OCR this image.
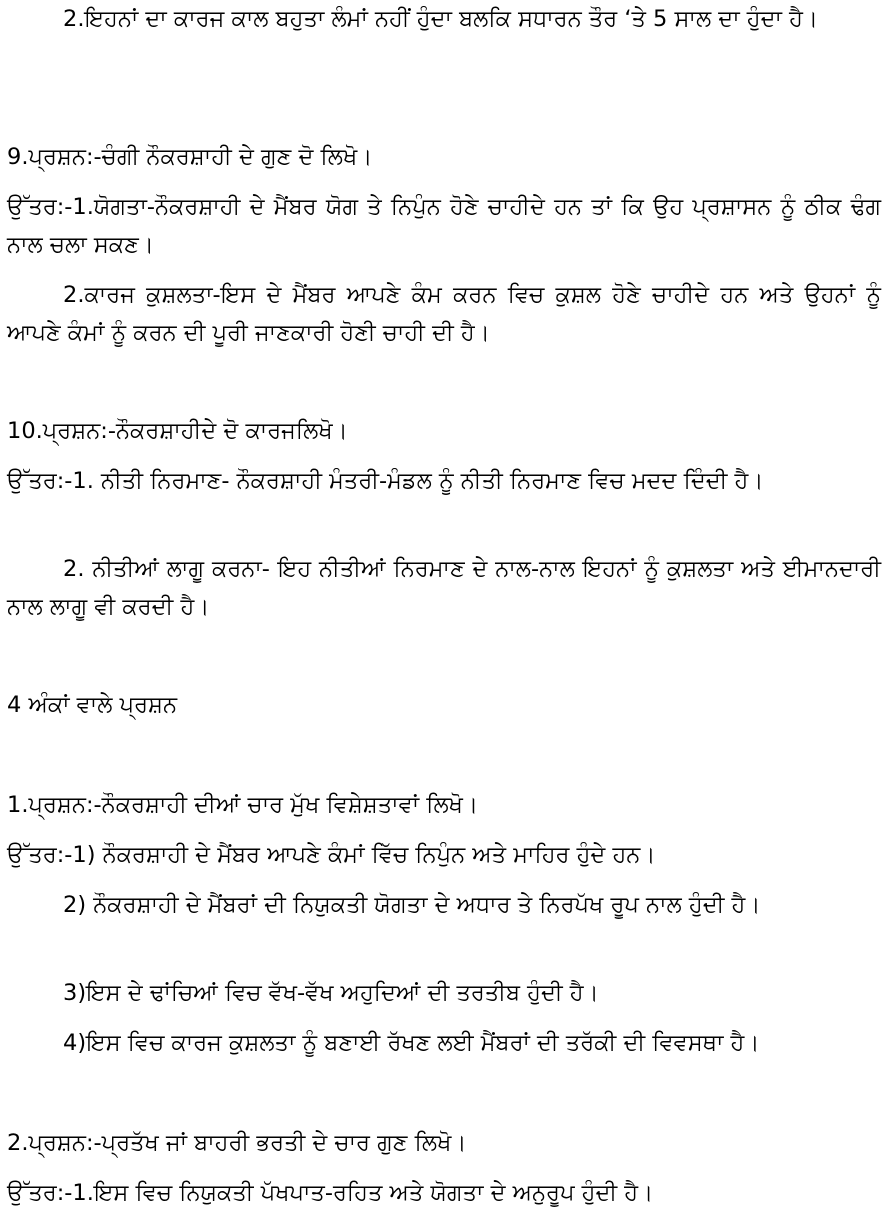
2.ਇਹਨਾਂ ਦਾ ਕਾਰਜ ਕਾਲ ਬਹੁਤਾ ਲੰਮਾਂ ਨਹੀਂ ਹੁੰਦਾ ਬਲਕਿ ਸਧਾਰਨ ਤੌਰ ‘ਤੇ 5 ਸਾਲ ਦਾ ਹੁੰਦਾ ਹੈ।

9.ਪ੍ਰਸ਼ਨ:-ਚੰਗੀ ਨੌਕਰਸ਼ਾਹੀ ਦੇ ਗੁਣ ਦੋ ਲਿਖੋ।

ਉੱਤਰ:-1.ਯੋਗਤਾ-ਨੌਕਰਸ਼ਾਹੀ ਦੇ ਮੈਂਬਰ ਯੋਗ ਤੇ ਨਿਪੁੰਨ ਹੋਣੇ ਚਾਹੀਦੇ ਹਨ ਤਾਂ ਕਿ ਉਹ ਪ੍ਰਸ਼ਾਸਨ ਨੂੰ ਠੀਕ ਢੰਗ ਨਾਲ ਚਲਾ ਸਕਣ।

2.ਕਾਰਜ ਕੁਸ਼ਲਤਾ-ਇਸ ਦੇ ਮੈਂਬਰ ਆਪਣੇ ਕੰਮ ਕਰਨ ਵਿਚ ਕੁਸ਼ਲ ਹੋਣੇ ਚਾਹੀਦੇ ਹਨ ਅਤੇ ਉਹਨਾਂ ਨੂੰ ਆਪਣੇ ਕੰਮਾਂ ਨੂੰ ਕਰਨ ਦੀ ਪੂਰੀ ਜਾਣਕਾਰੀ ਹੋਣੀ ਚਾਹੀ ਦੀ ਹੈ।

10.ਪ੍ਰਸ਼ਨ:-ਨੌਕਰਸ਼ਾਹੀਦੇ ਦੋ ਕਾਰਜਲਿਖੋ।

ਉੱਤਰ:-1. ਨੀਤੀ ਨਿਰਮਾਣ- ਨੌਕਰਸ਼ਾਹੀ ਮੰਤਰੀ-ਮੰਡਲ ਨੂੰ ਨੀਤੀ ਨਿਰਮਾਣ ਵਿਚ ਮਦਦ ਦਿੰਦੀ ਹੈ।

2. ਨੀਤੀਆਂ ਲਾਗੂ ਕਰਨਾ- ਇਹ ਨੀਤੀਆਂ ਨਿਰਮਾਣ ਦੇ ਨਾਲ-ਨਾਲ ਇਹਨਾਂ ਨੂੰ ਕੁਸ਼ਲਤਾ ਅਤੇ ਈਮਾਨਦਾਰੀ ਨਾਲ ਲਾਗੂ ਵੀ ਕਰਦੀ ਹੈ।

4 ਅੰਕਾਂ ਵਾਲੇ ਪ੍ਰਸ਼ਨ

1.ਪ੍ਰਸ਼ਨ:-ਨੌਕਰਸ਼ਾਹੀ ਦੀਆਂ ਚਾਰ ਮੁੱਖ ਵਿਸ਼ੇਸ਼ਤਾਵਾਂ ਲਿਖੋ।

ਉੱਤਰ:-1) ਨੌਕਰਸ਼ਾਹੀ ਦੇ ਮੈਂਬਰ ਆਪਣੇ ਕੰਮਾਂ ਵਿੱਚ ਨਿਪੁੰਨ ਅਤੇ ਮਾਹਿਰ ਹੁੰਦੇ ਹਨ।

2) ਨੌਕਰਸ਼ਾਹੀ ਦੇ ਮੈਂਬਰਾਂ ਦੀ ਨਿਯੁਕਤੀ ਯੋਗਤਾ ਦੇ ਅਧਾਰ ਤੇ ਨਿਰਪੱਖ ਰੂਪ ਨਾਲ ਹੁੰਦੀ ਹੈ।

3)ਇਸ ਦੇ ਢਾਂਚਿਆਂ ਵਿਚ ਵੱਖ-ਵੱਖ ਅਹੁਦਿਆਂ ਦੀ ਤਰਤੀਬ ਹੁੰਦੀ ਹੈ।

4)ਇਸ ਵਿਚ ਕਾਰਜ ਕੁਸ਼ਲਤਾ ਨੂੰ ਬਣਾਈ ਰੱਖਣ ਲਈ ਮੈਂਬਰਾਂ ਦੀ ਤਰੱਕੀ ਦੀ ਵਿਵਸਥਾ ਹੈ।

2.ਪ੍ਰਸ਼ਨ:-ਪ੍ਰਤੱਖ ਜਾਂ ਬਾਹਰੀ ਭਰਤੀ ਦੇ ਚਾਰ ਗੁਣ ਲਿਖੋ।

ਉੱਤਰ:-1.ਇਸ ਵਿਚ ਨਿਯੁਕਤੀ ਪੱਖਪਾਤ-ਰਹਿਤ ਅਤੇ ਯੋਗਤਾ ਦੇ ਅਨੁਰੂਪ ਹੁੰਦੀ ਹੈ।
